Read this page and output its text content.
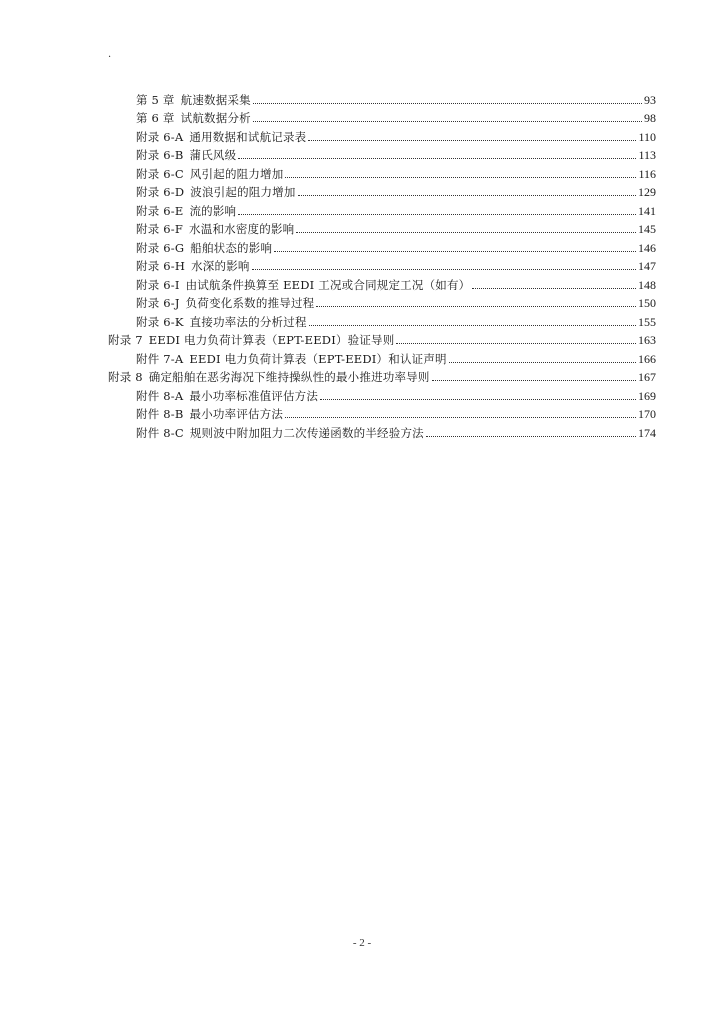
·
第 5 章 航速数据采集	93
第 6 章 试航数据分析	98
附录 6-A 通用数据和试航记录表	110
附录 6-B 蒲氏风级	113
附录 6-C 风引起的阻力增加	116
附录 6-D 波浪引起的阻力增加	129
附录 6-E 流的影响	141
附录 6-F 水温和水密度的影响	145
附录 6-G 船舶状态的影响	146
附录 6-H 水深的影响	147
附录 6-I 由试航条件换算至 EEDI 工况或合同规定工况（如有）	148
附录 6-J 负荷变化系数的推导过程	150
附录 6-K 直接功率法的分析过程	155
附录 7 EEDI 电力负荷计算表（EPT-EEDI）验证导则	163
附件 7-A EEDI 电力负荷计算表（EPT-EEDI）和认证声明	166
附录 8 确定船舶在恶劣海况下维持操纵性的最小推进功率导则	167
附件 8-A 最小功率标准值评估方法	169
附件 8-B 最小功率评估方法	170
附件 8-C 规则波中附加阻力二次传递函数的半经验方法	174
- 2 -
